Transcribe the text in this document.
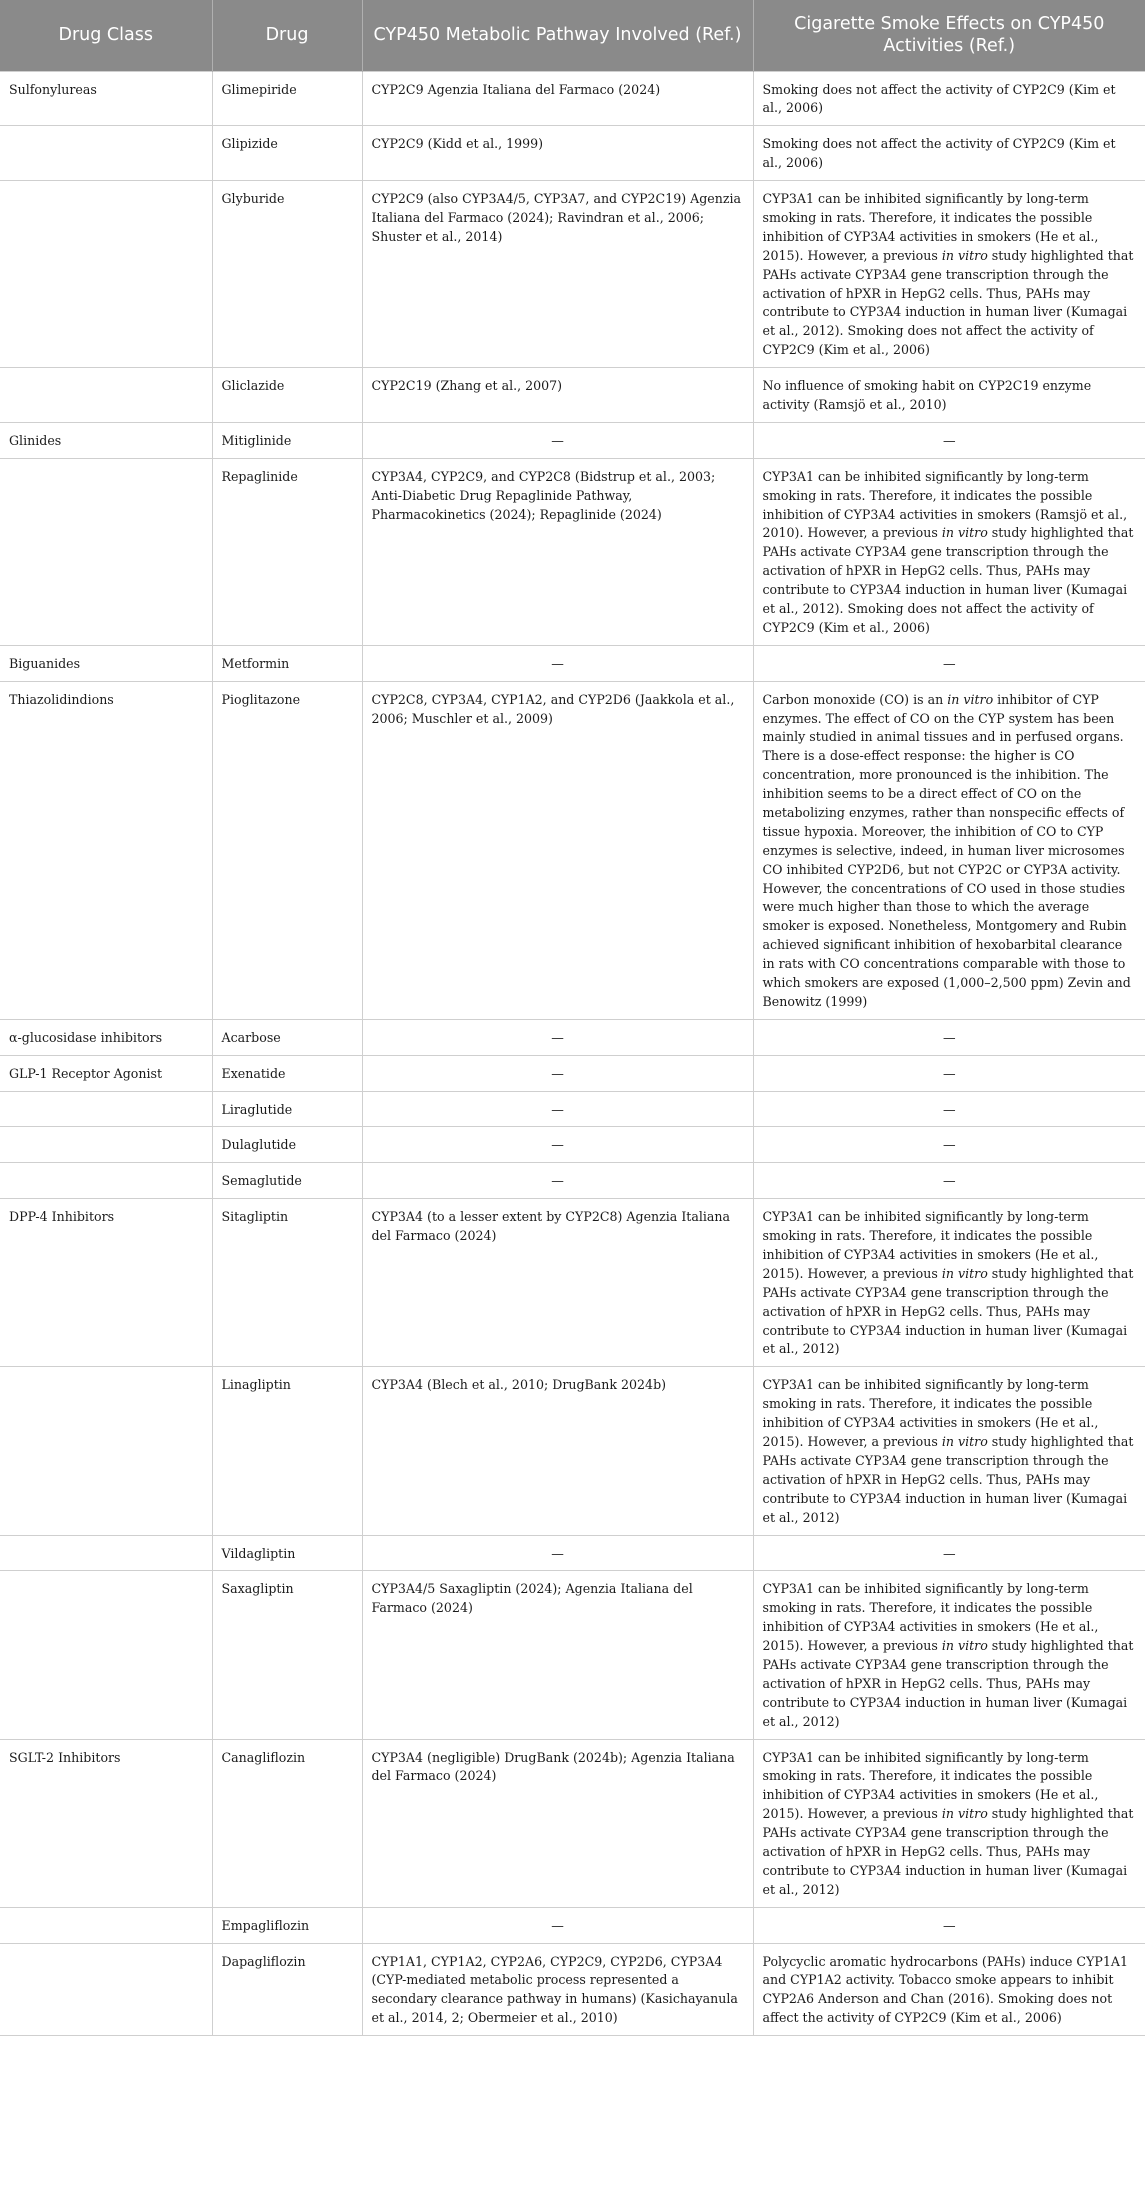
Drug Class	Drug	CYP450 Metabolic Pathway Involved (Ref.)	Cigarette Smoke Effects on CYP450 Activities (Ref.)
Sulfonylureas	Glimepiride	CYP2C9 Agenzia Italiana del Farmaco (2024)	Smoking does not affect the activity of CYP2C9 (Kim et al., 2006)
	Glipizide	CYP2C9 (Kidd et al., 1999)	Smoking does not affect the activity of CYP2C9 (Kim et al., 2006)
	Glyburide	CYP2C9 (also CYP3A4/5, CYP3A7, and CYP2C19) Agenzia Italiana del Farmaco (2024); Ravindran et al., 2006; Shuster et al., 2014)	CYP3A1 can be inhibited significantly by long-term smoking in rats. Therefore, it indicates the possible inhibition of CYP3A4 activities in smokers (He et al., 2015). However, a previous in vitro study highlighted that PAHs activate CYP3A4 gene transcription through the activation of hPXR in HepG2 cells. Thus, PAHs may contribute to CYP3A4 induction in human liver (Kumagai et al., 2012). Smoking does not affect the activity of CYP2C9 (Kim et al., 2006)
	Gliclazide	CYP2C19 (Zhang et al., 2007)	No influence of smoking habit on CYP2C19 enzyme activity (Ramsjö et al., 2010)
Glinides	Mitiglinide	—	—
	Repaglinide	CYP3A4, CYP2C9, and CYP2C8 (Bidstrup et al., 2003; Anti-Diabetic Drug Repaglinide Pathway, Pharmacokinetics (2024); Repaglinide (2024)	CYP3A1 can be inhibited significantly by long-term smoking in rats. Therefore, it indicates the possible inhibition of CYP3A4 activities in smokers (Ramsjö et al., 2010). However, a previous in vitro study highlighted that PAHs activate CYP3A4 gene transcription through the activation of hPXR in HepG2 cells. Thus, PAHs may contribute to CYP3A4 induction in human liver (Kumagai et al., 2012). Smoking does not affect the activity of CYP2C9 (Kim et al., 2006)
Biguanides	Metformin	—	—
Thiazolidindions	Pioglitazone	CYP2C8, CYP3A4, CYP1A2, and CYP2D6 (Jaakkola et al., 2006; Muschler et al., 2009)	Carbon monoxide (CO) is an in vitro inhibitor of CYP enzymes. The effect of CO on the CYP system has been mainly studied in animal tissues and in perfused organs. There is a dose-effect response: the higher is CO concentration, more pronounced is the inhibition. The inhibition seems to be a direct effect of CO on the metabolizing enzymes, rather than nonspecific effects of tissue hypoxia. Moreover, the inhibition of CO to CYP enzymes is selective, indeed, in human liver microsomes CO inhibited CYP2D6, but not CYP2C or CYP3A activity. However, the concentrations of CO used in those studies were much higher than those to which the average smoker is exposed. Nonetheless, Montgomery and Rubin achieved significant inhibition of hexobarbital clearance in rats with CO concentrations comparable with those to which smokers are exposed (1,000–2,500 ppm) Zevin and Benowitz (1999)
α-glucosidase inhibitors	Acarbose	—	—
GLP-1 Receptor Agonist	Exenatide	—	—
	Liraglutide	—	—
	Dulaglutide	—	—
	Semaglutide	—	—
DPP-4 Inhibitors	Sitagliptin	CYP3A4 (to a lesser extent by CYP2C8) Agenzia Italiana del Farmaco (2024)	CYP3A1 can be inhibited significantly by long-term smoking in rats. Therefore, it indicates the possible inhibition of CYP3A4 activities in smokers (He et al., 2015). However, a previous in vitro study highlighted that PAHs activate CYP3A4 gene transcription through the activation of hPXR in HepG2 cells. Thus, PAHs may contribute to CYP3A4 induction in human liver (Kumagai et al., 2012)
	Linagliptin	CYP3A4 (Blech et al., 2010; DrugBank 2024b)	CYP3A1 can be inhibited significantly by long-term smoking in rats. Therefore, it indicates the possible inhibition of CYP3A4 activities in smokers (He et al., 2015). However, a previous in vitro study highlighted that PAHs activate CYP3A4 gene transcription through the activation of hPXR in HepG2 cells. Thus, PAHs may contribute to CYP3A4 induction in human liver (Kumagai et al., 2012)
	Vildagliptin	—	—
	Saxagliptin	CYP3A4/5 Saxagliptin (2024); Agenzia Italiana del Farmaco (2024)	CYP3A1 can be inhibited significantly by long-term smoking in rats. Therefore, it indicates the possible inhibition of CYP3A4 activities in smokers (He et al., 2015). However, a previous in vitro study highlighted that PAHs activate CYP3A4 gene transcription through the activation of hPXR in HepG2 cells. Thus, PAHs may contribute to CYP3A4 induction in human liver (Kumagai et al., 2012)
SGLT-2 Inhibitors	Canagliflozin	CYP3A4 (negligible) DrugBank (2024b); Agenzia Italiana del Farmaco (2024)	CYP3A1 can be inhibited significantly by long-term smoking in rats. Therefore, it indicates the possible inhibition of CYP3A4 activities in smokers (He et al., 2015). However, a previous in vitro study highlighted that PAHs activate CYP3A4 gene transcription through the activation of hPXR in HepG2 cells. Thus, PAHs may contribute to CYP3A4 induction in human liver (Kumagai et al., 2012)
	Empagliflozin	—	—
	Dapagliflozin	CYP1A1, CYP1A2, CYP2A6, CYP2C9, CYP2D6, CYP3A4 (CYP-mediated metabolic process represented a secondary clearance pathway in humans) (Kasichayanula et al., 2014, 2; Obermeier et al., 2010)	Polycyclic aromatic hydrocarbons (PAHs) induce CYP1A1 and CYP1A2 activity. Tobacco smoke appears to inhibit CYP2A6 Anderson and Chan (2016). Smoking does not affect the activity of CYP2C9 (Kim et al., 2006)
